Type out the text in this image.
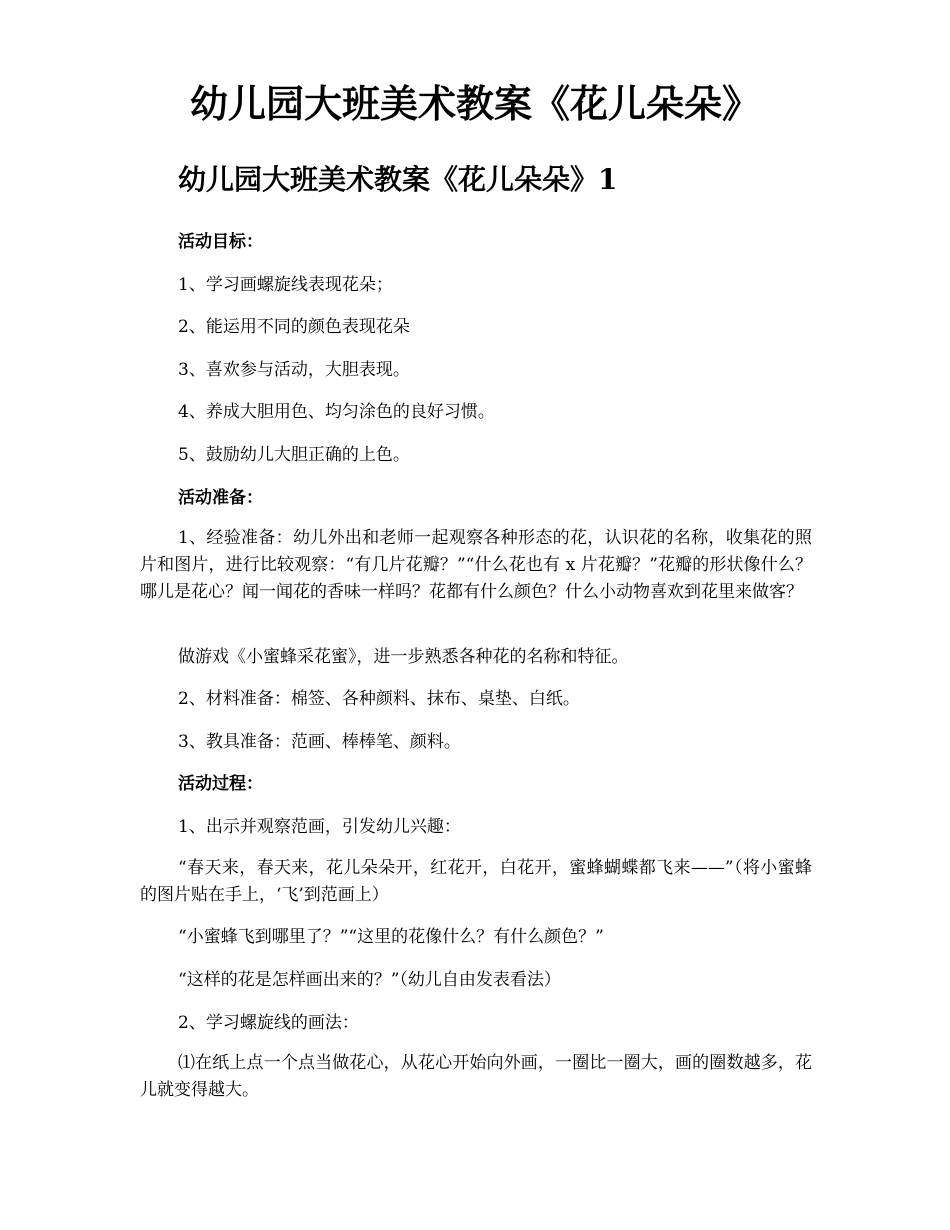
幼儿园大班美术教案《花儿朵朵》
幼儿园大班美术教案《花儿朵朵》1

活动目标：

1、学习画螺旋线表现花朵；

2、能运用不同的颜色表现花朵

3、喜欢参与活动，大胆表现。

4、养成大胆用色、均匀涂色的良好习惯。

5、鼓励幼儿大胆正确的上色。

活动准备：

1、经验准备：幼儿外出和老师一起观察各种形态的花，认识花的名称，收集花的照片和图片，进行比较观察：“有几片花瓣？”“什么花也有 x 片花瓣？”花瓣的形状像什么？哪儿是花心？闻一闻花的香味一样吗？花都有什么颜色？什么小动物喜欢到花里来做客？

做游戏《小蜜蜂采花蜜》，进一步熟悉各种花的名称和特征。

2、材料准备：棉签、各种颜料、抹布、桌垫、白纸。

3、教具准备：范画、棒棒笔、颜料。

活动过程：

1、出示并观察范画，引发幼儿兴趣：

“春天来，春天来，花儿朵朵开，红花开，白花开，蜜蜂蝴蝶都飞来——”（将小蜜蜂的图片贴在手上，‘飞’到范画上）

“小蜜蜂飞到哪里了？”“这里的花像什么？有什么颜色？”

“这样的花是怎样画出来的？”（幼儿自由发表看法）

2、学习螺旋线的画法：

⑴在纸上点一个点当做花心，从花心开始向外画，一圈比一圈大，画的圈数越多，花儿就变得越大。
